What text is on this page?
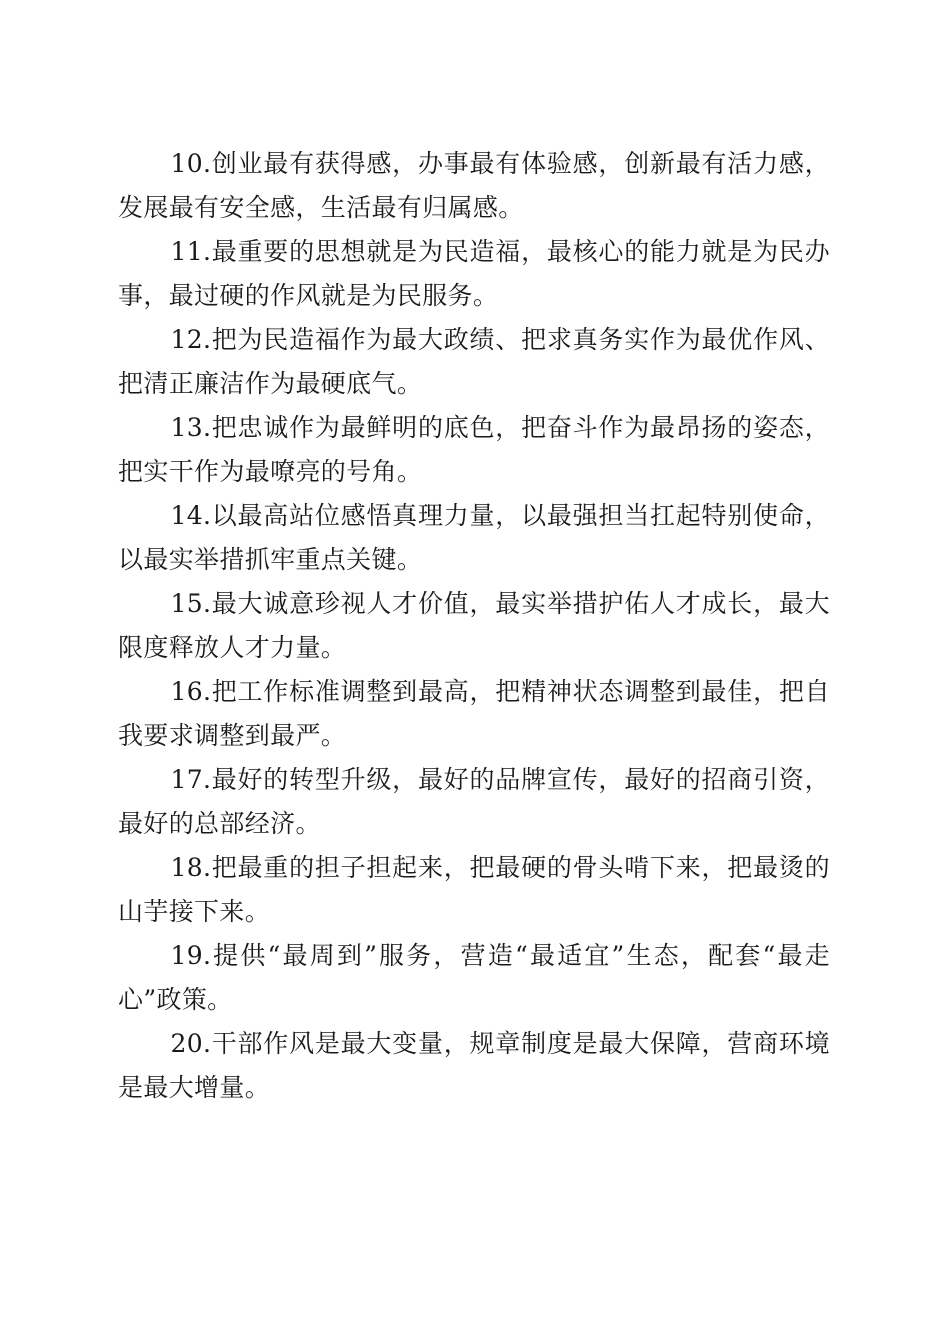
10.创业最有获得感，办事最有体验感，创新最有活力感，发展最有安全感，生活最有归属感。

11.最重要的思想就是为民造福，最核心的能力就是为民办事，最过硬的作风就是为民服务。

12.把为民造福作为最大政绩、把求真务实作为最优作风、把清正廉洁作为最硬底气。

13.把忠诚作为最鲜明的底色，把奋斗作为最昂扬的姿态，把实干作为最嘹亮的号角。

14.以最高站位感悟真理力量，以最强担当扛起特别使命，以最实举措抓牢重点关键。

15.最大诚意珍视人才价值，最实举措护佑人才成长，最大限度释放人才力量。

16.把工作标准调整到最高，把精神状态调整到最佳，把自我要求调整到最严。

17.最好的转型升级，最好的品牌宣传，最好的招商引资，最好的总部经济。

18.把最重的担子担起来，把最硬的骨头啃下来，把最烫的山芋接下来。

19.提供“最周到”服务，营造“最适宜”生态，配套“最走心”政策。

20.干部作风是最大变量，规章制度是最大保障，营商环境是最大增量。
